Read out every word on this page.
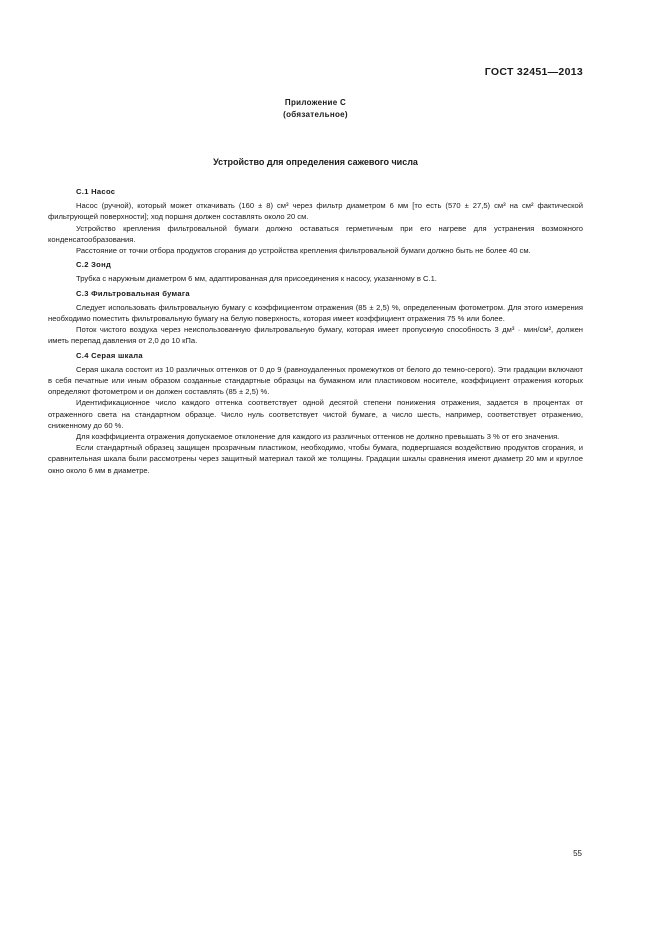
ГОСТ 32451—2013
Приложение С
(обязательное)
Устройство для определения сажевого числа
С.1 Насос

Насос (ручной), который может откачивать (160 ± 8) см³ через фильтр диаметром 6 мм [то есть (570 ± 27,5) см³ на см² фактической фильтрующей поверхности]; ход поршня должен составлять около 20 см.

Устройство крепления фильтровальной бумаги должно оставаться герметичным при его нагреве для устранения возможного конденсатообразования.

Расстояние от точки отбора продуктов сгорания до устройства крепления фильтровальной бумаги должно быть не более 40 см.

С.2 Зонд

Трубка с наружным диаметром 6 мм, адаптированная для присоединения к насосу, указанному в С.1.

С.3 Фильтровальная бумага

Следует использовать фильтровальную бумагу с коэффициентом отражения (85 ± 2,5) %, определенным фотометром. Для этого измерения необходимо поместить фильтровальную бумагу на белую поверхность, которая имеет коэффициент отражения 75 % или более.

Поток чистого воздуха через неиспользованную фильтровальную бумагу, которая имеет пропускную способность 3 дм³ · мин/см², должен иметь перепад давления от 2,0 до 10 кПа.

С.4 Серая шкала

Серая шкала состоит из 10 различных оттенков от 0 до 9 (равноудаленных промежутков от белого до темно-серого). Эти градации включают в себя печатные или иным образом созданные стандартные образцы на бумажном или пластиковом носителе, коэффициент отражения которых определяют фотометром и он должен составлять (85 ± 2,5) %.

Идентификационное число каждого оттенка соответствует одной десятой степени понижения отражения, задается в процентах от отраженного света на стандартном образце. Число нуль соответствует чистой бумаге, а число шесть, например, соответствует отражению, сниженному до 60 %.

Для коэффициента отражения допускаемое отклонение для каждого из различных оттенков не должно превышать 3 % от его значения.

Если стандартный образец защищен прозрачным пластиком, необходимо, чтобы бумага, подвергшаяся воздействию продуктов сгорания, и сравнительная шкала были рассмотрены через защитный материал такой же толщины. Градации шкалы сравнения имеют диаметр 20 мм и круглое окно около 6 мм в диаметре.

55
